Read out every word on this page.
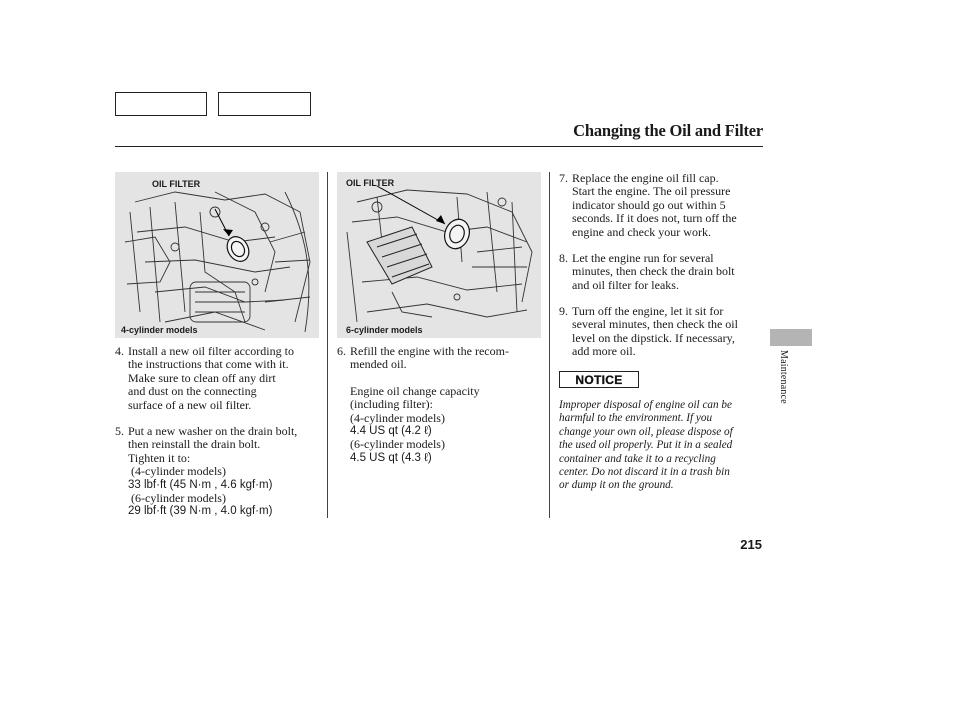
Changing the Oil and Filter
OIL FILTER
4-cylinder models
OIL FILTER
6-cylinder models
4. Install a new oil filter according to

the instructions that come with it.

Make sure to clean off any dirt

and dust on the connecting

surface of a new oil filter.

5. Put a new washer on the drain bolt,

then reinstall the drain bolt.

Tighten it to:

(4-cylinder models)

33 lbf·ft (45 N·m , 4.6 kgf·m)

(6-cylinder models)

29 lbf·ft (39 N·m , 4.0 kgf·m)

6. Refill the engine with the recom-

mended oil.

Engine oil change capacity

(including filter):

(4-cylinder models)

4.4 US qt (4.2 ℓ)

(6-cylinder models)

4.5 US qt (4.3 ℓ)

7. Replace the engine oil fill cap.

Start the engine. The oil pressure

indicator should go out within 5

seconds. If it does not, turn off the

engine and check your work.

8. Let the engine run for several

minutes, then check the drain bolt

and oil filter for leaks.

9. Turn off the engine, let it sit for

several minutes, then check the oil

level on the dipstick. If necessary,

add more oil.

NOTICE
Improper disposal of engine oil can be
harmful to the environment. If you
change your own oil, please dispose of
the used oil properly. Put it in a sealed
container and take it to a recycling
center. Do not discard it in a trash bin
or dump it on the ground.
Maintenance
215
